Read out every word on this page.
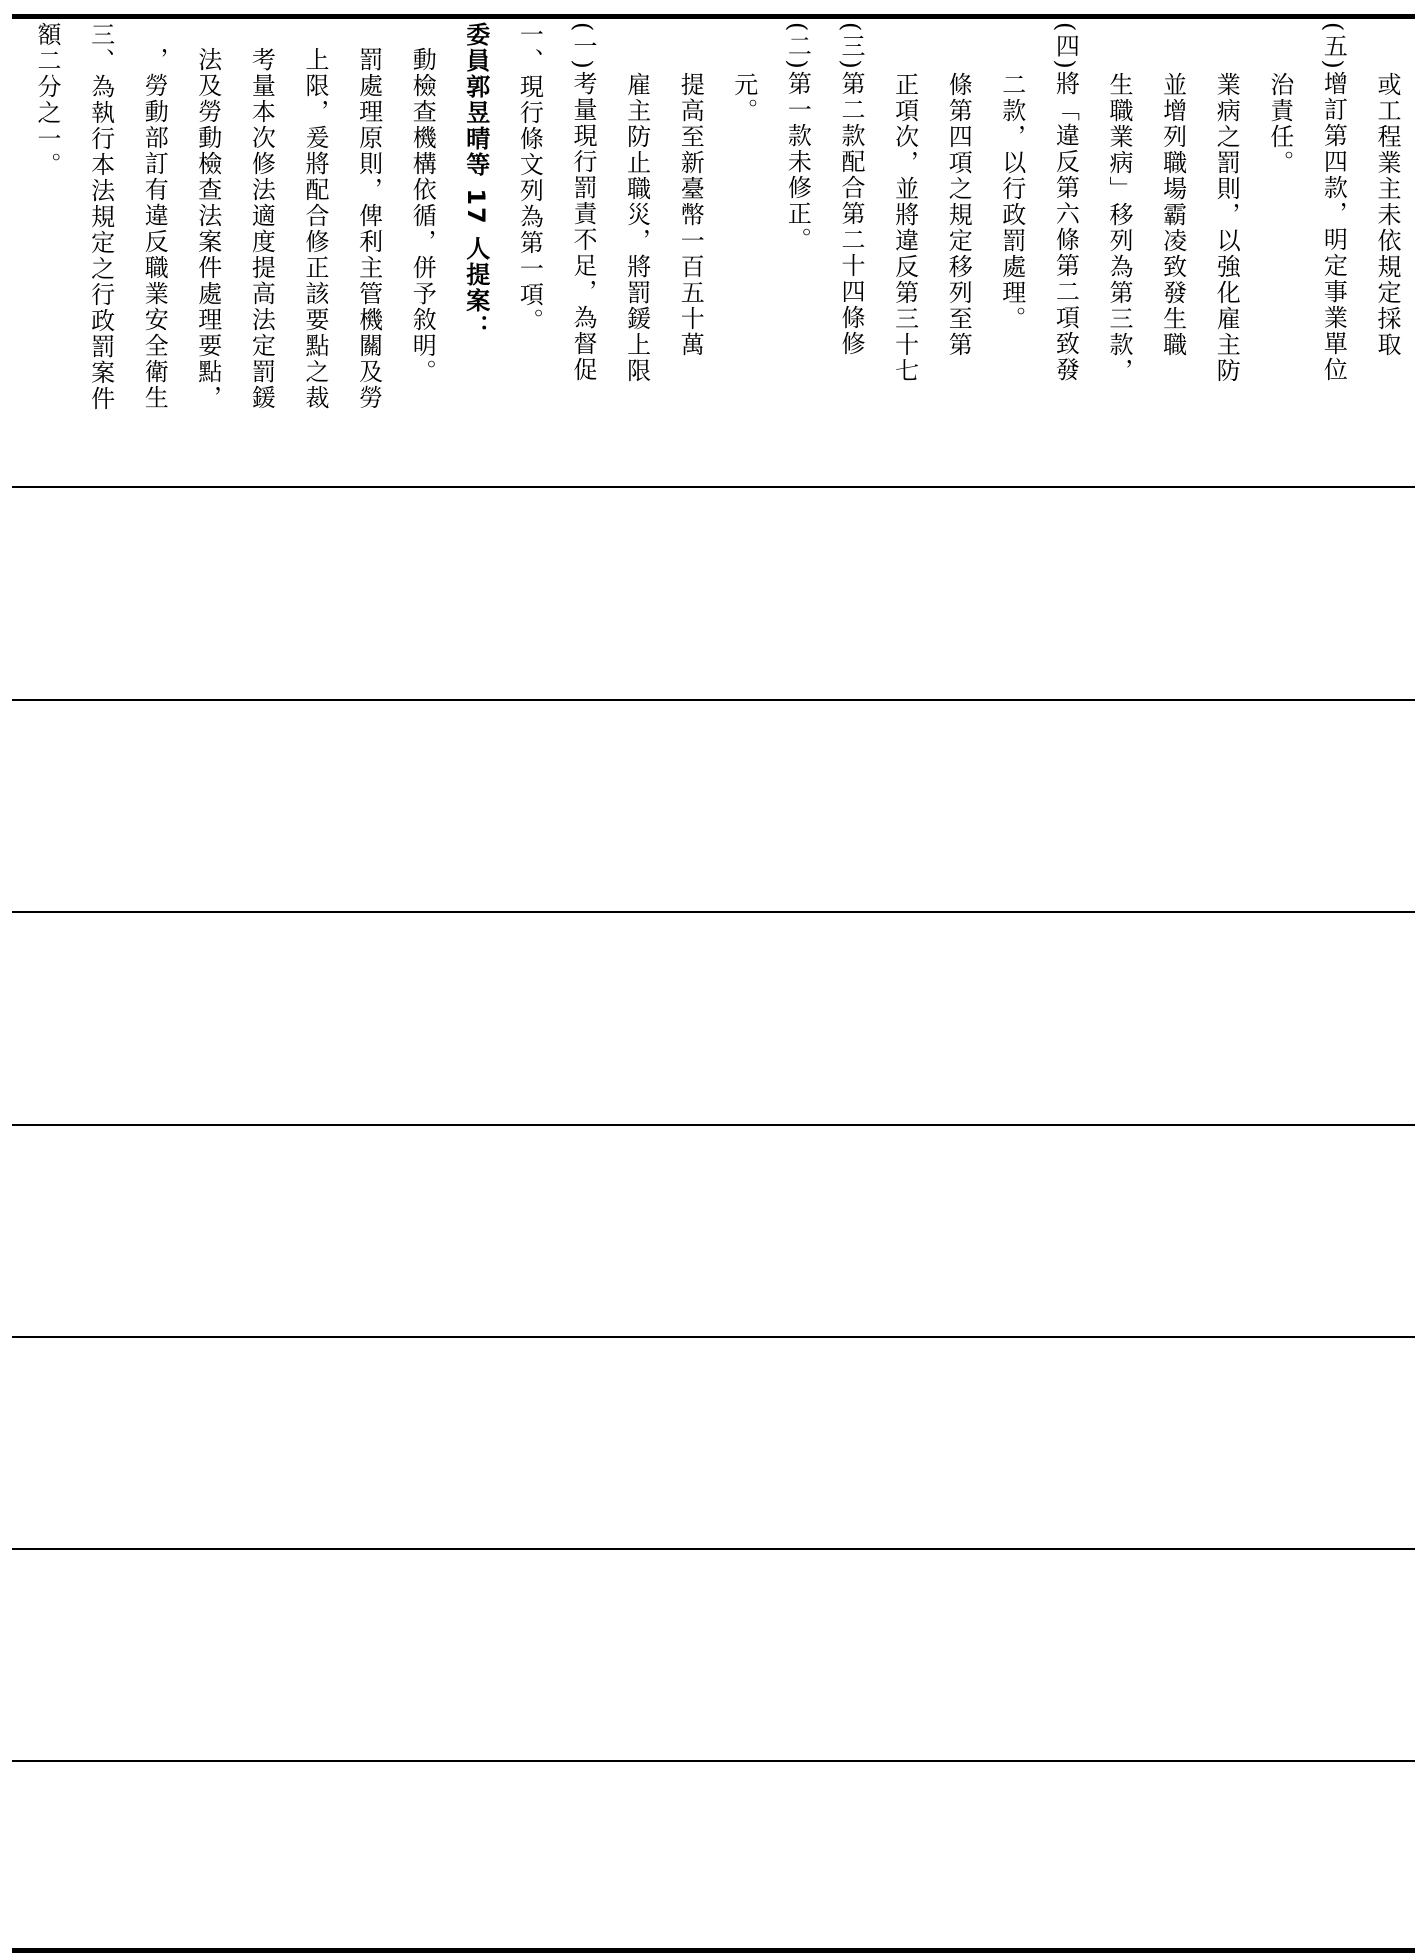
額二分之一。	三、為執行本法規定之行政罰案件	，勞動部訂有違反職業安全衛生	法及勞動檢查法案件處理要點，	考量本次修法適度提高法定罰鍰	上限，爰將配合修正該要點之裁	罰處理原則，俾利主管機關及勞	動檢查機構依循，併予敘明。	委員郭昱晴等 17 人提案：	一、現行條文列為第一項。	(一)考量現行罰責不足，為督促	雇主防止職災，將罰鍰上限	提高至新臺幣一百五十萬	元。	(二)第一款未修正。	(三)第二款配合第二十四條修	正項次，並將違反第三十七	條第四項之規定移列至第	二款，以行政罰處理。	(四)將「違反第六條第二項致發	生職業病」移列為第三款，	並增列職場霸凌致發生職	業病之罰則，以強化雇主防	治責任。	(五)增訂第四款，明定事業單位	或工程業主未依規定採取
